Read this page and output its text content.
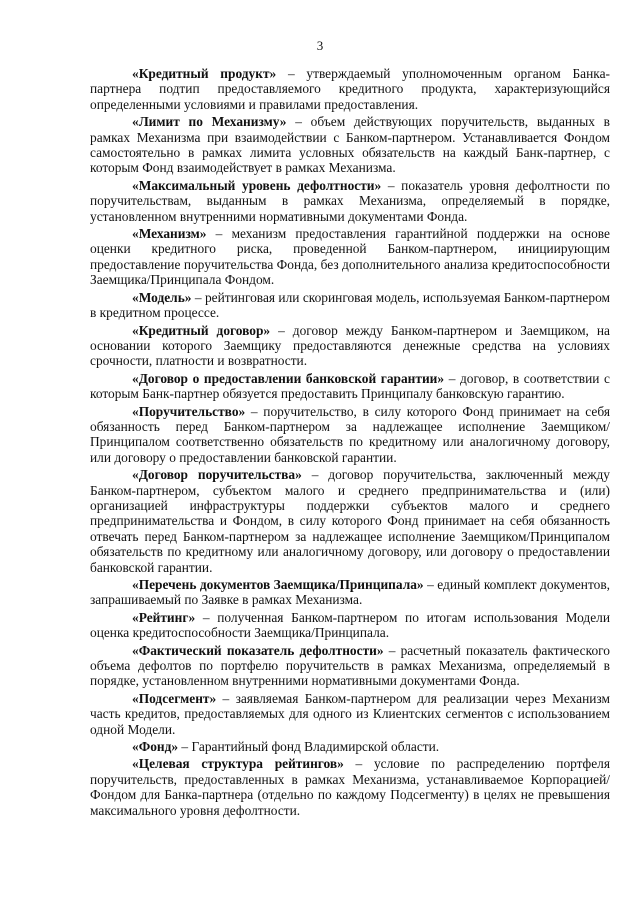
3

«Кредитный продукт» – утверждаемый уполномоченным органом Банка-партнера подтип предоставляемого кредитного продукта, характеризующийся определенными условиями и правилами предоставления.

«Лимит по Механизму» – объем действующих поручительств, выданных в рамках Механизма при взаимодействии с Банком-партнером. Устанавливается Фондом самостоятельно в рамках лимита условных обязательств на каждый Банк-партнер, с которым Фонд взаимодействует в рамках Механизма.

«Максимальный уровень дефолтности» – показатель уровня дефолтности по поручительствам, выданным в рамках Механизма, определяемый в порядке, установленном внутренними нормативными документами Фонда.

«Механизм» – механизм предоставления гарантийной поддержки на основе оценки кредитного риска, проведенной Банком-партнером, инициирующим предоставление поручительства Фонда, без дополнительного анализа кредитоспособности Заемщика/Принципала Фондом.

«Модель» – рейтинговая или скоринговая модель, используемая Банком-партнером в кредитном процессе.

«Кредитный договор» – договор между Банком-партнером и Заемщиком, на основании которого Заемщику предоставляются денежные средства на условиях срочности, платности и возвратности.

«Договор о предоставлении банковской гарантии» – договор, в соответствии с которым Банк-партнер обязуется предоставить Принципалу банковскую гарантию.

«Поручительство» – поручительство, в силу которого Фонд принимает на себя обязанность перед Банком-партнером за надлежащее исполнение Заемщиком/Принципалом соответственно обязательств по кредитному или аналогичному договору, или договору о предоставлении банковской гарантии.

«Договор поручительства» – договор поручительства, заключенный между Банком-партнером, субъектом малого и среднего предпринимательства и (или) организацией инфраструктуры поддержки субъектов малого и среднего предпринимательства и Фондом, в силу которого Фонд принимает на себя обязанность отвечать перед Банком-партнером за надлежащее исполнение Заемщиком/Принципалом обязательств по кредитному или аналогичному договору, или договору о предоставлении банковской гарантии.

«Перечень документов Заемщика/Принципала» – единый комплект документов, запрашиваемый по Заявке в рамках Механизма.

«Рейтинг» – полученная Банком-партнером по итогам использования Модели оценка кредитоспособности Заемщика/Принципала.

«Фактический показатель дефолтности» – расчетный показатель фактического объема дефолтов по портфелю поручительств в рамках Механизма, определяемый в порядке, установленном внутренними нормативными документами Фонда.

«Подсегмент» – заявляемая Банком-партнером для реализации через Механизм часть кредитов, предоставляемых для одного из Клиентских сегментов с использованием одной Модели.

«Фонд» – Гарантийный фонд Владимирской области.

«Целевая структура рейтингов» – условие по распределению портфеля поручительств, предоставленных в рамках Механизма, устанавливаемое Корпорацией/Фондом для Банка-партнера (отдельно по каждому Подсегменту) в целях не превышения максимального уровня дефолтности.
